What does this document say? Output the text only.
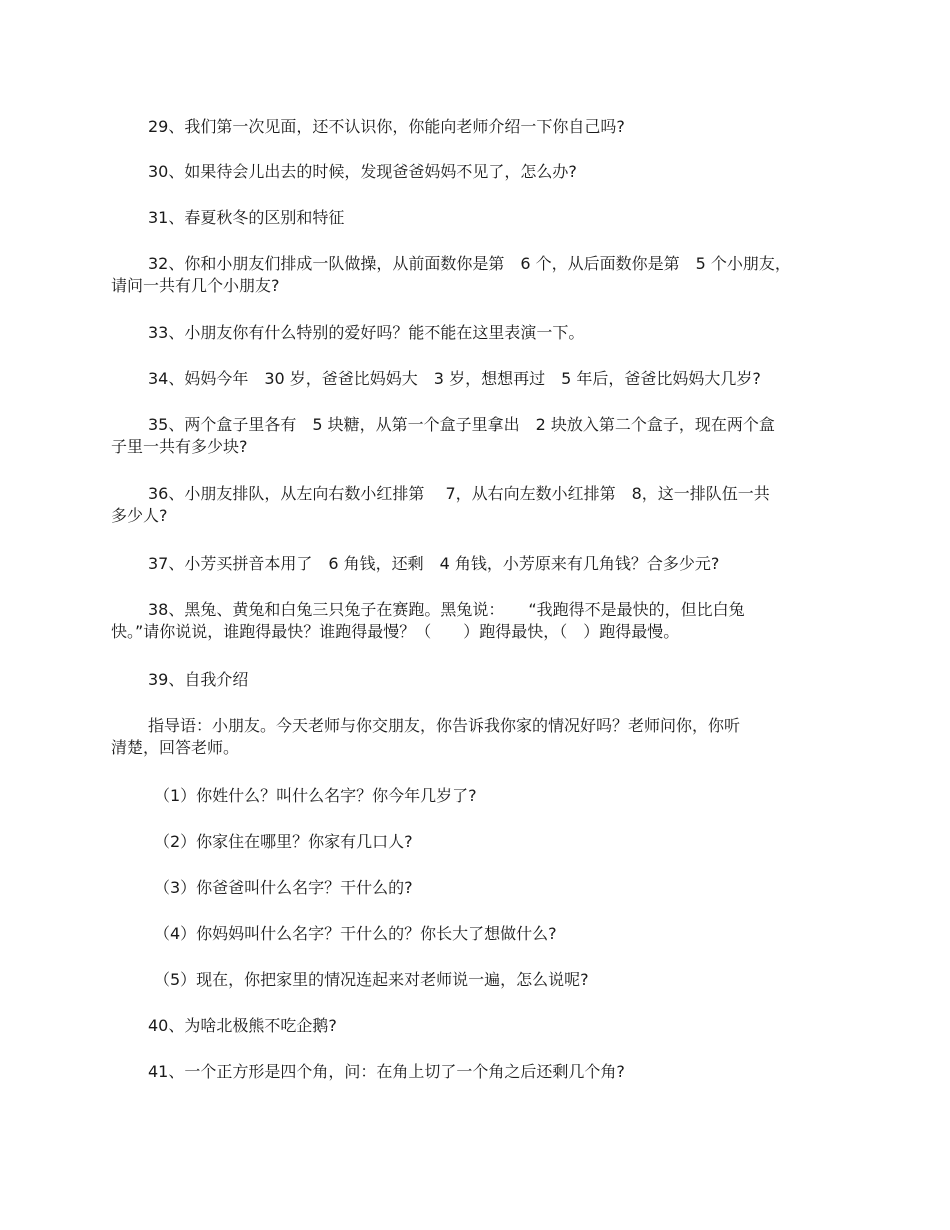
29、我们第一次见面，还不认识你，你能向老师介绍一下你自己吗?

30、如果待会儿出去的时候，发现爸爸妈妈不见了，怎么办?

31、春夏秋冬的区别和特征

32、你和小朋友们排成一队做操，从前面数你是第　6 个，从后面数你是第　5 个小朋友，
请问一共有几个小朋友?

33、小朋友你有什么特别的爱好吗？能不能在这里表演一下。

34、妈妈今年　30 岁，爸爸比妈妈大　3 岁，想想再过　5 年后，爸爸比妈妈大几岁?

35、两个盒子里各有　5 块糖，从第一个盒子里拿出　2 块放入第二个盒子，现在两个盒
子里一共有多少块?

36、小朋友排队，从左向右数小红排第　 7，从右向左数小红排第　8，这一排队伍一共
多少人?

37、小芳买拼音本用了　6 角钱，还剩　4 角钱，小芳原来有几角钱？合多少元?

38、黑兔、黄兔和白兔三只兔子在赛跑。黑兔说：　　“我跑得不是最快的，但比白兔
快。”请你说说，谁跑得最快？谁跑得最慢？（　　）跑得最快，（　）跑得最慢。

39、自我介绍

指导语：小朋友。今天老师与你交朋友，你告诉我你家的情况好吗？老师问你，你听
清楚，回答老师。

（1）你姓什么？叫什么名字？你今年几岁了?

（2）你家住在哪里？你家有几口人?

（3）你爸爸叫什么名字？干什么的?

（4）你妈妈叫什么名字？干什么的？你长大了想做什么?

（5）现在，你把家里的情况连起来对老师说一遍，怎么说呢?

40、为啥北极熊不吃企鹅?

41、一个正方形是四个角，问：在角上切了一个角之后还剩几个角?
